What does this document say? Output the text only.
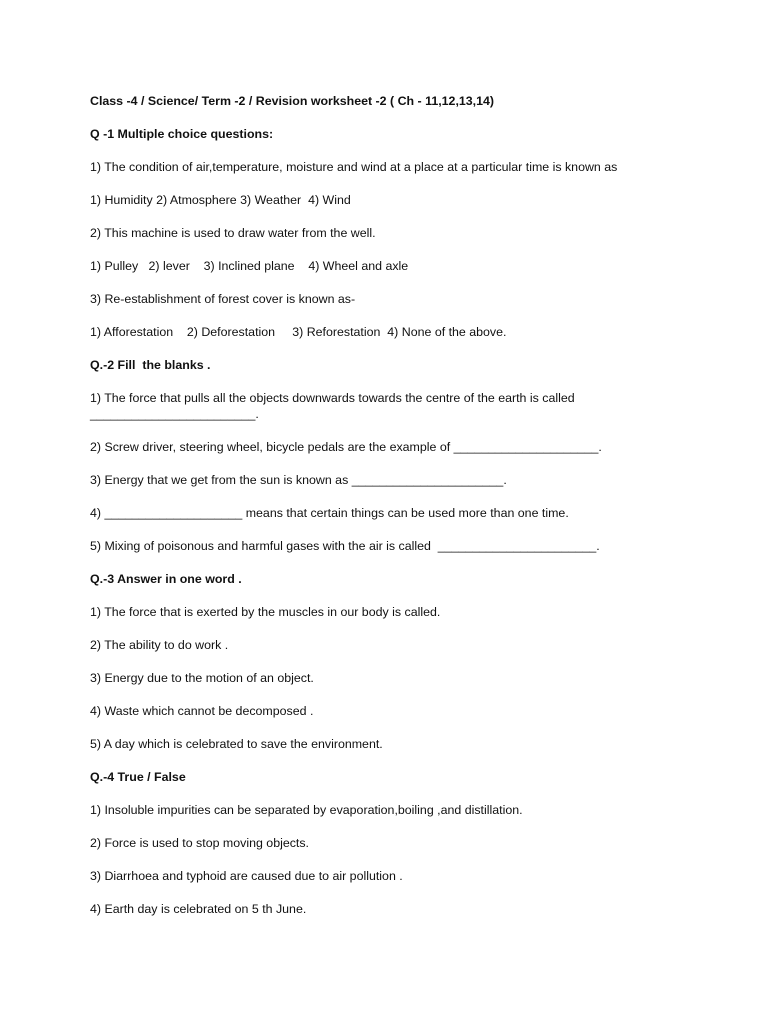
Class -4 / Science/ Term -2 / Revision worksheet -2 ( Ch - 11,12,13,14)
Q -1 Multiple choice questions:
1) The condition of air,temperature, moisture and wind at a place at a particular time is known as
1) Humidity 2) Atmosphere 3) Weather  4) Wind
2) This machine is used to draw water from the well.
1) Pulley   2) lever    3) Inclined plane    4) Wheel and axle
3) Re-establishment of forest cover is known as-
1) Afforestation    2) Deforestation     3) Reforestation  4) None of the above.
Q.-2 Fill  the blanks .
1) The force that pulls all the objects downwards towards the centre of the earth is called
________________________.
2) Screw driver, steering wheel, bicycle pedals are the example of _____________________.
3) Energy that we get from the sun is known as ______________________.
4) ____________________ means that certain things can be used more than one time.
5) Mixing of poisonous and harmful gases with the air is called  _______________________.
Q.-3 Answer in one word .
1) The force that is exerted by the muscles in our body is called.
2) The ability to do work .
3) Energy due to the motion of an object.
4) Waste which cannot be decomposed .
5) A day which is celebrated to save the environment.
Q.-4 True / False
1) Insoluble impurities can be separated by evaporation,boiling ,and distillation.
2) Force is used to stop moving objects.
3) Diarrhoea and typhoid are caused due to air pollution .
4) Earth day is celebrated on 5 th June.
